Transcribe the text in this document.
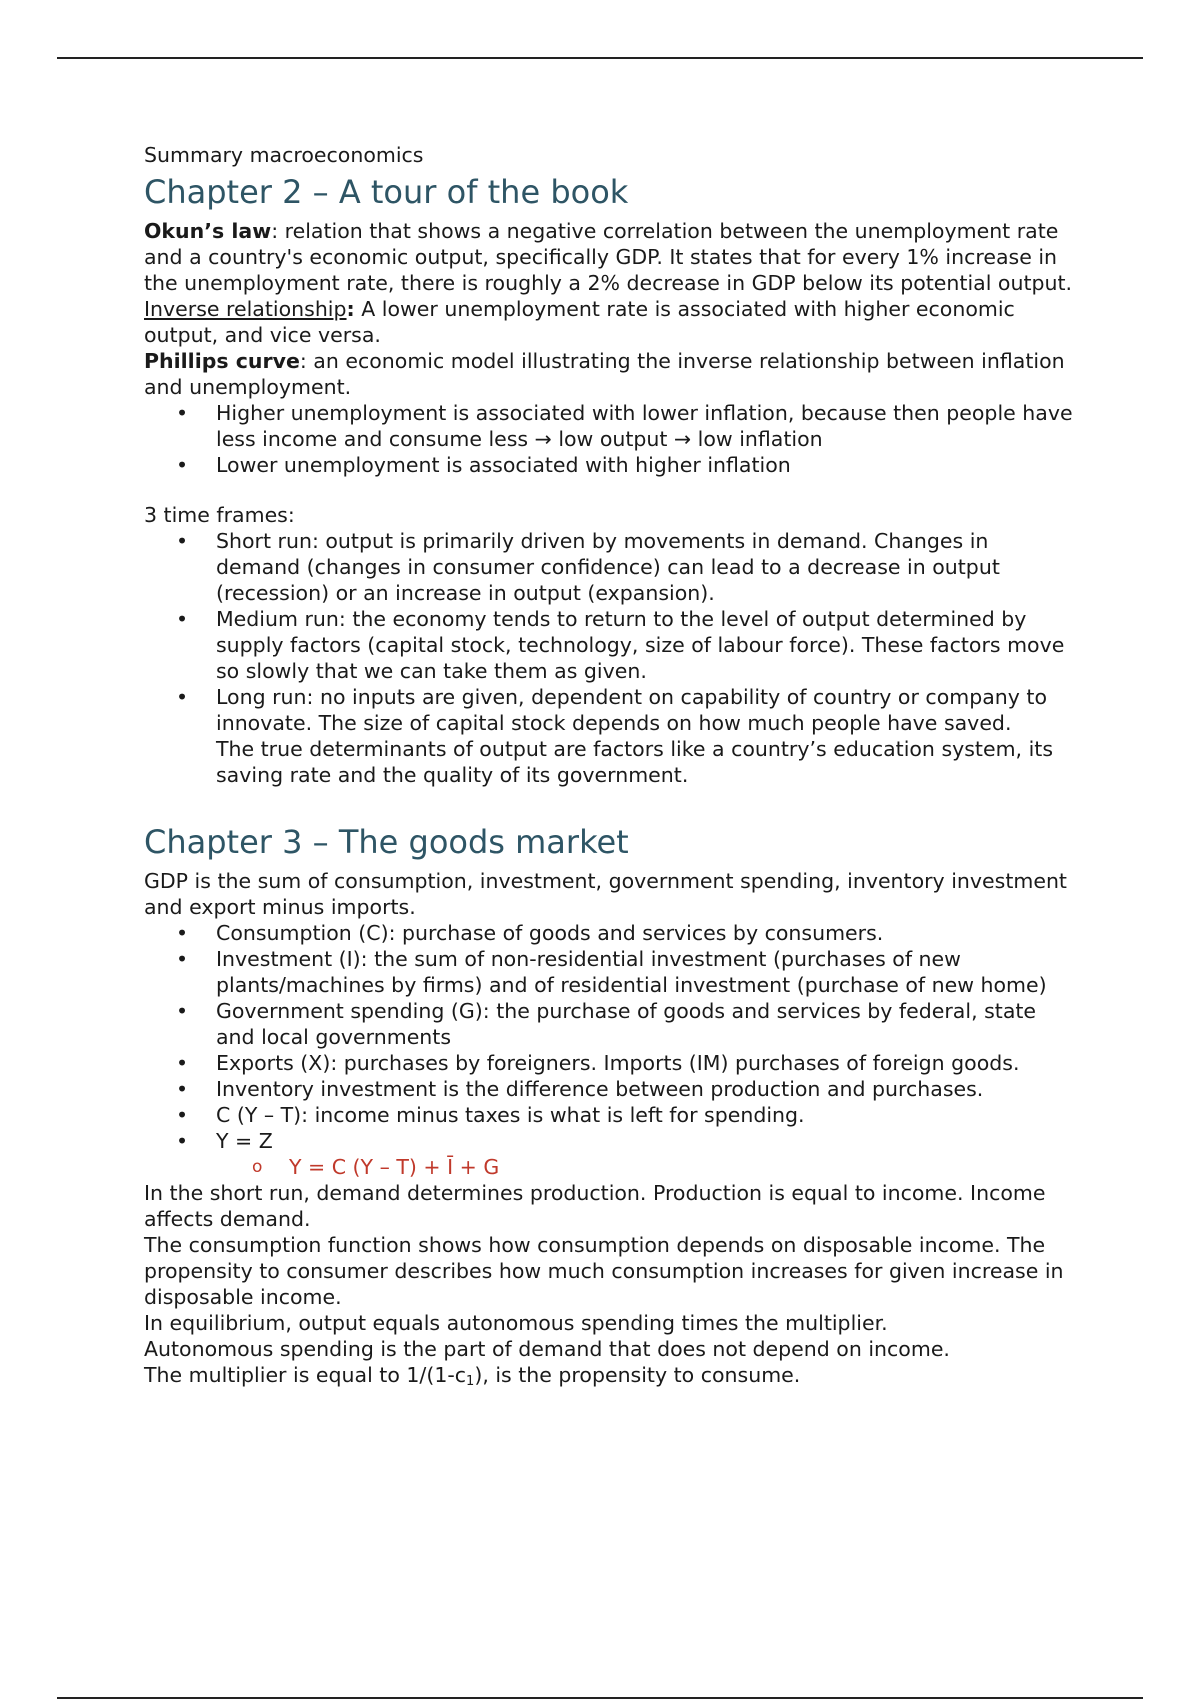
Summary macroeconomics

Chapter 2 – A tour of the book

Okun’s law: relation that shows a negative correlation between the unemployment rate and a country's economic output, specifically GDP. It states that for every 1% increase in the unemployment rate, there is roughly a 2% decrease in GDP below its potential output.

Inverse relationship: A lower unemployment rate is associated with higher economic output, and vice versa.

Phillips curve: an economic model illustrating the inverse relationship between inflation and unemployment.

• Higher unemployment is associated with lower inflation, because then people have less income and consume less → low output → low inflation
• Lower unemployment is associated with higher inflation

3 time frames:

• Short run: output is primarily driven by movements in demand. Changes in demand (changes in consumer confidence) can lead to a decrease in output (recession) or an increase in output (expansion).
• Medium run: the economy tends to return to the level of output determined by supply factors (capital stock, technology, size of labour force). These factors move so slowly that we can take them as given.
• Long run: no inputs are given, dependent on capability of country or company to innovate. The size of capital stock depends on how much people have saved.
The true determinants of output are factors like a country’s education system, its saving rate and the quality of its government.
Chapter 3 – The goods market

GDP is the sum of consumption, investment, government spending, inventory investment and export minus imports.

• Consumption (C): purchase of goods and services by consumers.
• Investment (I): the sum of non-residential investment (purchases of new plants/machines by firms) and of residential investment (purchase of new home)
• Government spending (G): the purchase of goods and services by federal, state and local governments
• Exports (X): purchases by foreigners. Imports (IM) purchases of foreign goods.
• Inventory investment is the difference between production and purchases.
• C (Y – T): income minus taxes is what is left for spending.
• Y = Z
o Y = C (Y – T) + Ī + G

In the short run, demand determines production. Production is equal to income. Income affects demand.

The consumption function shows how consumption depends on disposable income. The propensity to consumer describes how much consumption increases for given increase in disposable income.

In equilibrium, output equals autonomous spending times the multiplier.

Autonomous spending is the part of demand that does not depend on income.

The multiplier is equal to $1/(1-c_1)$, is the propensity to consume.
